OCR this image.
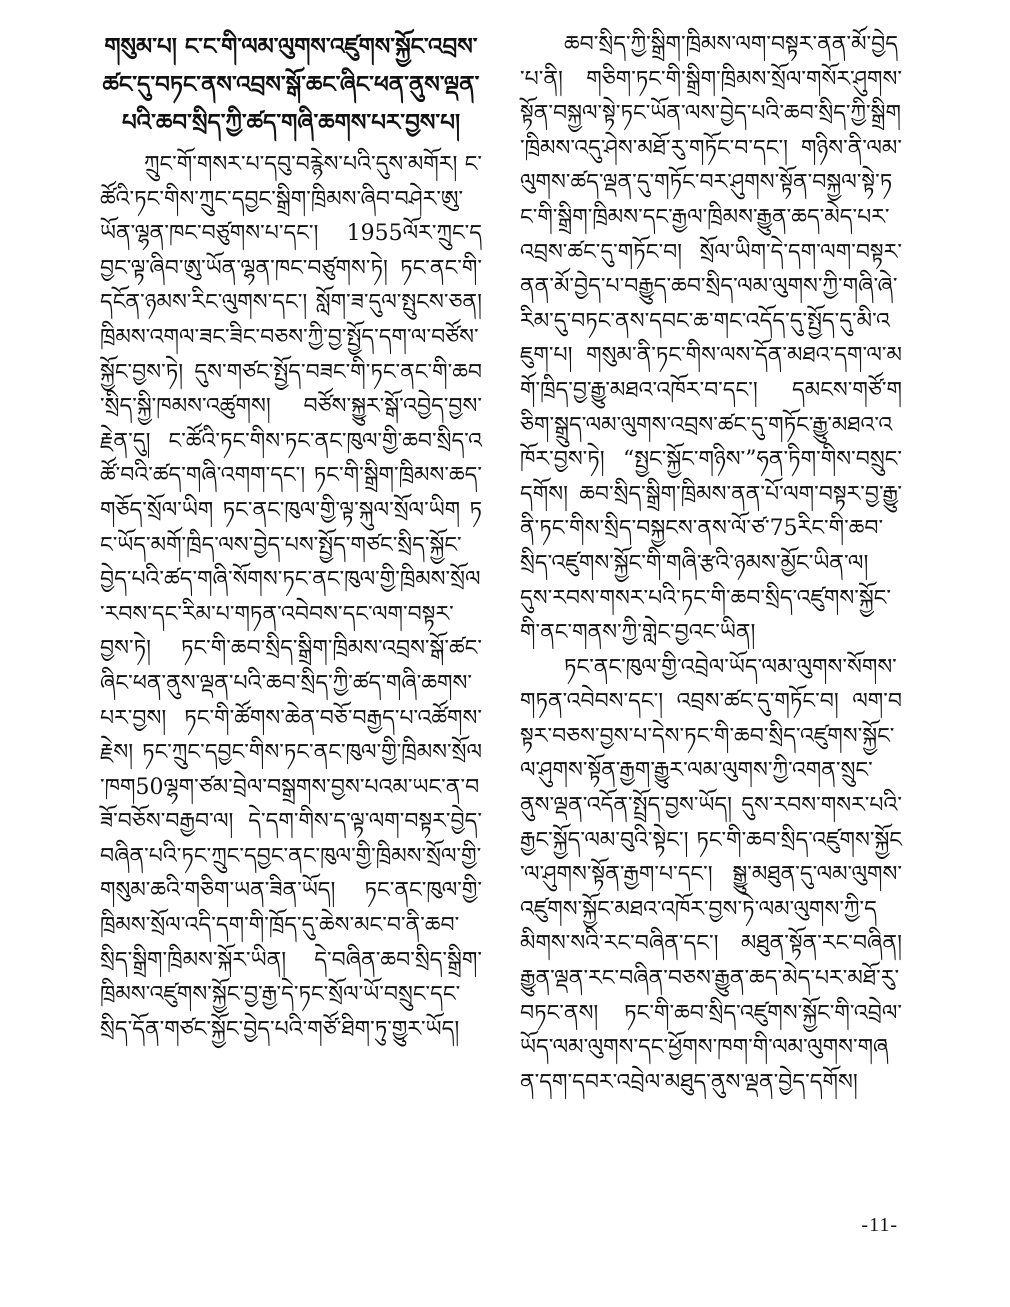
གསུམ་པ། ང་ང་གི་ལམ་ལུགས་འཛུགས་སྐྱོང་འབྲས་ཚང་དུ་བཏང་ནས་འབྲས་སྒོ་ཆང་ཞིང་ཕན་ནུས་ལྡན་པའི་ཆབ་སྲིད་ཀྱི་ཚད་གཞི་ཆགས་པར་བྱས་པ།

ཀྲུང་གོ་གསར་པ་དབུ་བརྙེས་པའི་དུས་མགོར། ང་ཚོའི་ཏང་གིས་ཀྲུང་དབྱང་སྒྲིག་ཁྲིམས་ཞིབ་བཤེར་ཨུ་ཡོན་ལྷན་ཁང་བཙུགས་པ་དང་། 1955ལོར་ཀྲུང་དབྱང་ལྟ་ཞིབ་ཨུ་ཡོན་ལྷན་ཁང་བཙུགས་ཏེ། ཏང་ནང་གི་དངོན་ཉམས་རིང་ལུགས་དང་། སློག་ཟ་དུལ་སྤུངས་ཅན། ཁྲིམས་འགལ་ཟང་ཟིང་བཅས་ཀྱི་བྱ་སྤྱོད་དག་ལ་བཙོས་སྐྱོང་བྱས་ཏེ། དུས་གཙང་སྤྱོད་བཟང་གི་ཏང་ནང་གི་ཆབ་སྲིད་སྐྱི་ཁམས་འཚུགས། བཙོས་སྐྱུར་སྒོ་འབྱེད་བྱས་རྗེན་དུ། ང་ཚོའི་ཏང་གིས་ཏང་ནང་ཁུལ་གྱི་ཆབ་སྲིད་འཚོ་བའི་ཚད་གཞི་འགག་དང་། ཏང་གི་སྒྲིག་ཁྲིམས་ཆད་གཅོད་སྲོལ་ཡིག ཏང་ནང་ཁུལ་གྱི་ལྟ་སྐུལ་སྲོལ་ཡིག ཏང་ཡོད་མགོ་ཁྲིད་ལས་བྱེད་པས་སྤྱོད་གཙང་སྲིད་སྐྱོང་བྱེད་པའི་ཚད་གཞི་སོགས་ཏང་ནང་ཁུལ་གྱི་ཁྲིམས་སྲོལ་རབས་དང་རིམ་པ་གཏན་འབེབས་དང་ལག་བསྟར་བྱས་ཏེ། ཏང་གི་ཆབ་སྲིད་སྒྲིག་ཁྲིམས་འབྲས་སྒོ་ཚང་ཞིང་ཕན་ནུས་ལྡན་པའི་ཆབ་སྲིད་ཀྱི་ཚད་གཞི་ཆགས་པར་བྱས། ཏང་གི་ཚོགས་ཆེན་བཅོ་བརྒྱད་པ་འཚོགས་རྗེས། ཏང་ཀྲུང་དབྱང་གིས་ཏང་ནང་ཁུལ་གྱི་ཁྲིམས་སྲོལ་ཁག50ལྷག་ཙམ་བྲེལ་བསྒྲགས་བྱས་པའམ་ཡང་ན་བཟོ་བཅོས་བརྒྱབ་ལ། དེ་དག་གིས་ད་ལྟ་ལག་བསྟར་བྱེད་བཞིན་པའི་ཏང་ཀྲུང་དབྱང་ནང་ཁུལ་གྱི་ཁྲིམས་སྲོལ་གྱི་གསུམ་ཆའི་གཅིག་ཡན་ཟིན་ཡོད། ཏང་ནང་ཁུལ་གྱི་ཁྲིམས་སྲོལ་འདི་དག་གི་ཁྲོད་དུ་ཆེས་མང་བ་ནི་ཆབ་སྲིད་སྒྲིག་ཁྲིམས་སྐོར་ཡིན། དེ་བཞིན་ཆབ་སྲིད་སྒྲིག་ཁྲིམས་འཛུགས་སྐྱོང་བྱ་རྒྱ་དེ་ཏང་སྲོལ་ཡོ་བསྲུང་དང་སྲིད་དོན་གཙང་སྐྱོང་བྱེད་པའི་གཙོ་ཐིག་ཏུ་གྱུར་ཡོད།

ཆབ་སྲིད་ཀྱི་སྒྲིག་ཁྲིམས་ལག་བསྟར་ནན་མོ་བྱེད་པ་ནི། གཅིག་ཏང་གི་སྒྲིག་ཁྲིམས་སྲོལ་གསོར་ཤུགས་སྟོན་བསྐྱལ་སྟེ་ཏང་ཡོན་ལས་བྱེད་པའི་ཆབ་སྲིད་ཀྱི་སྒྲིག་ཁྲིམས་འདུ་ཤེས་མཐོ་རུ་གཏོང་བ་དང་། གཉིས་ནི་ལམ་ལུགས་ཚད་ལྡན་དུ་གཏོང་བར་ཤུགས་སྟོན་བསྐྱལ་སྟེ་ཏང་གི་སྒྲིག་ཁྲིམས་དང་རྒྱལ་ཁྲིམས་རྒྱུན་ཆད་མེད་པར་འབྲས་ཚང་དུ་གཏོང་བ། སྲོལ་ཡིག་དེ་དག་ལག་བསྟར་ནན་མོ་བྱེད་པ་བརྒྱུད་ཆབ་སྲིད་ལམ་ལུགས་ཀྱི་གཞི་ཞེ་རིམ་དུ་བཏང་ནས་དབང་ཆ་གང་འདོད་དུ་སྤྱོད་དུ་མི་འཇུག་པ། གསུམ་ནི་ཏང་གིས་ལས་དོན་མཐའ་དག་ལ་མགོ་ཁྲིད་བྱ་རྒྱུ་མཐའ་འཁོར་བ་དང་། དམངས་གཙོ་གཅིག་སྒྲུད་ལམ་ལུགས་འབྲས་ཚང་དུ་གཏོང་རྒྱུ་མཐའ་འཁོར་བྱས་ཏེ། “སྤྱང་སྐྱོང་གཉིས་”ཧན་ཏིག་གིས་བསྲུང་དགོས། ཆབ་སྲིད་སྒྲིག་ཁྲིམས་ནན་པོ་ལག་བསྟར་བྱ་རྒྱུ་ནི་ཏང་གིས་སྲིད་བསྐྱངས་ནས་ལོ་ཙ་75རིང་གི་ཆབ་སྲིད་འཛུགས་སྐྱོང་གི་གཞི་རྩའི་ཉམས་མྱོང་ཡིན་ལ། དུས་རབས་གསར་པའི་ཏང་གི་ཆབ་སྲིད་འཛུགས་སྐྱོང་གི་ནང་གནས་ཀྱི་གླེང་བྱའང་ཡིན།

ཏང་ནང་ཁུལ་གྱི་འབྲེལ་ཡོད་ལམ་ལུགས་སོགས་གཏན་འབེབས་དང་། འབྲས་ཚང་དུ་གཏོང་བ། ལག་བསྟར་བཅས་བྱས་པ་དེས་ཏང་གི་ཆབ་སྲིད་འཛུགས་སྐྱོང་ལ་ཤུགས་སྟོན་རྒྱག་རྒྱུར་ལམ་ལུགས་ཀྱི་འགན་སྲུང་ནུས་ལྡན་འདོན་སྤྲོད་བྱས་ཡོད། དུས་རབས་གསར་པའི་རྒྱང་སྐྱོད་ལམ་བུའི་སྟེང་། ཏང་གི་ཆབ་སྲིད་འཛུགས་སྐྱོང་ལ་ཤུགས་སྟོན་རྒྱག་པ་དང་། སྒྱུ་མཐུན་དུ་ལམ་ལུགས་འཛུགས་སྐྱོང་མཐའ་འཁོར་བྱས་ཏེ་ལམ་ལུགས་ཀྱི་དམིགས་སའི་རང་བཞིན་དང་། མཐུན་སྟོན་རང་བཞིན། རྒྱུན་ལྡན་རང་བཞིན་བཅས་རྒྱུན་ཆད་མེད་པར་མཐོ་རུ་བཏང་ནས། ཏང་གི་ཆབ་སྲིད་འཛུགས་སྐྱོང་གི་འབྲེལ་ཡོད་ལམ་ལུགས་དང་ཕྱོགས་ཁག་གི་ལམ་ལུགས་གཞན་དག་དབར་འབྲེལ་མཐུད་ནུས་ལྡན་བྱེད་དགོས།

-11-
